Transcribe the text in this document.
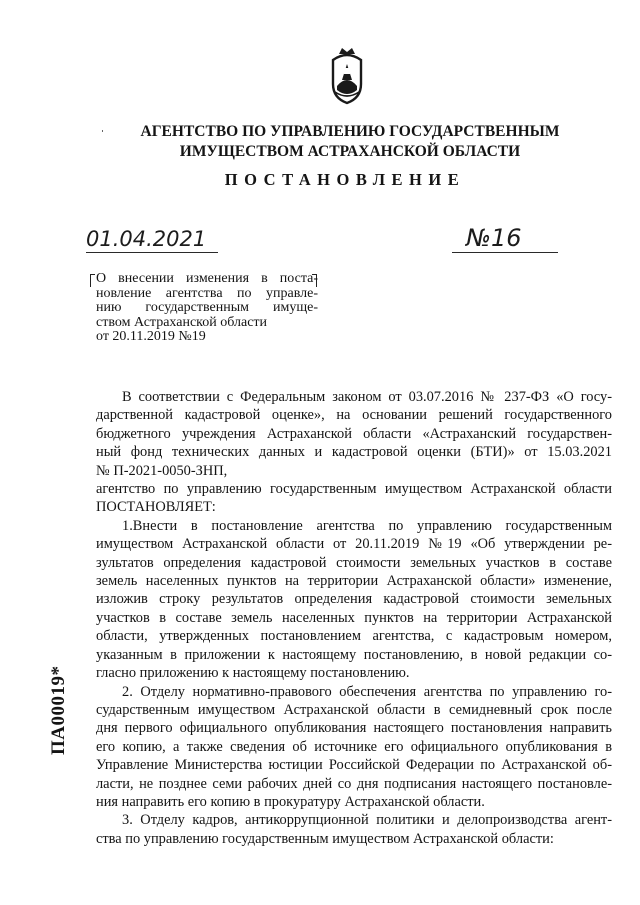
АГЕНТСТВО ПО УПРАВЛЕНИЮ ГОСУДАРСТВЕННЫМ
ИМУЩЕСТВОМ АСТРАХАНСКОЙ ОБЛАСТИ
ПОСТАНОВЛЕНИЕ
01.04.2021	№16
О внесении изменения в поста-
новление агентства по управле-
нию государственным имуще-
ством Астраханской области
от 20.11.2019 №19
В соответствии с Федеральным законом от 03.07.2016 № 237-ФЗ «О госу-
дарственной кадастровой оценке», на основании решений государственного
бюджетного учреждения Астраханской области «Астраханский государствен-
ный фонд технических данных и кадастровой оценки (БТИ)» от 15.03.2021
№ П-2021-0050-ЗНП,
агентство по управлению государственным имуществом Астраханской области
ПОСТАНОВЛЯЕТ:
1.Внести в постановление агентства по управлению государственным
имуществом Астраханской области от 20.11.2019 №19 «Об утверждении ре-
зультатов определения кадастровой стоимости земельных участков в составе
земель населенных пунктов на территории Астраханской области» изменение,
изложив строку результатов определения кадастровой стоимости земельных
участков в составе земель населенных пунктов на территории Астраханской
области, утвержденных постановлением агентства, с кадастровым номером,
указанным в приложении к настоящему постановлению, в новой редакции со-
гласно приложению к настоящему постановлению.
2. Отделу нормативно-правового обеспечения агентства по управлению го-
сударственным имуществом Астраханской области в семидневный срок после
дня первого официального опубликования настоящего постановления направить
его копию, а также сведения об источнике его официального опубликования в
Управление Министерства юстиции Российской Федерации по Астраханской об-
ласти, не позднее семи рабочих дней со дня подписания настоящего постановле-
ния направить его копию в прокуратуру Астраханской области.
3. Отделу кадров, антикоррупционной политики и делопроизводства агент-
ства по управлению государственным имуществом Астраханской области:
ПА00019*
